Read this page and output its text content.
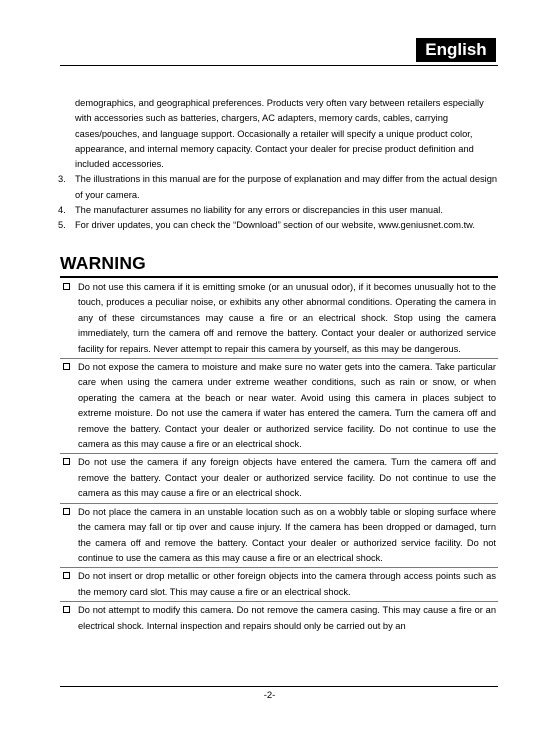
English
demographics, and geographical preferences. Products very often vary between retailers especially with accessories such as batteries, chargers, AC adapters, memory cards, cables, carrying cases/pouches, and language support. Occasionally a retailer will specify a unique product color, appearance, and internal memory capacity. Contact your dealer for precise product definition and included accessories.
3. The illustrations in this manual are for the purpose of explanation and may differ from the actual design of your camera.
4. The manufacturer assumes no liability for any errors or discrepancies in this user manual.
5. For driver updates, you can check the “Download” section of our website, www.geniusnet.com.tw.
WARNING
Do not use this camera if it is emitting smoke (or an unusual odor), if it becomes unusually hot to the touch, produces a peculiar noise, or exhibits any other abnormal conditions. Operating the camera in any of these circumstances may cause a fire or an electrical shock. Stop using the camera immediately, turn the camera off and remove the battery. Contact your dealer or authorized service facility for repairs. Never attempt to repair this camera by yourself, as this may be dangerous.
Do not expose the camera to moisture and make sure no water gets into the camera. Take particular care when using the camera under extreme weather conditions, such as rain or snow, or when operating the camera at the beach or near water. Avoid using this camera in places subject to extreme moisture. Do not use the camera if water has entered the camera. Turn the camera off and remove the battery. Contact your dealer or authorized service facility. Do not continue to use the camera as this may cause a fire or an electrical shock.
Do not use the camera if any foreign objects have entered the camera. Turn the camera off and remove the battery. Contact your dealer or authorized service facility. Do not continue to use the camera as this may cause a fire or an electrical shock.
Do not place the camera in an unstable location such as on a wobbly table or sloping surface where the camera may fall or tip over and cause injury. If the camera has been dropped or damaged, turn the camera off and remove the battery. Contact your dealer or authorized service facility. Do not continue to use the camera as this may cause a fire or an electrical shock.
Do not insert or drop metallic or other foreign objects into the camera through access points such as the memory card slot. This may cause a fire or an electrical shock.
Do not attempt to modify this camera. Do not remove the camera casing. This may cause a fire or an electrical shock. Internal inspection and repairs should only be carried out by an
-2-
